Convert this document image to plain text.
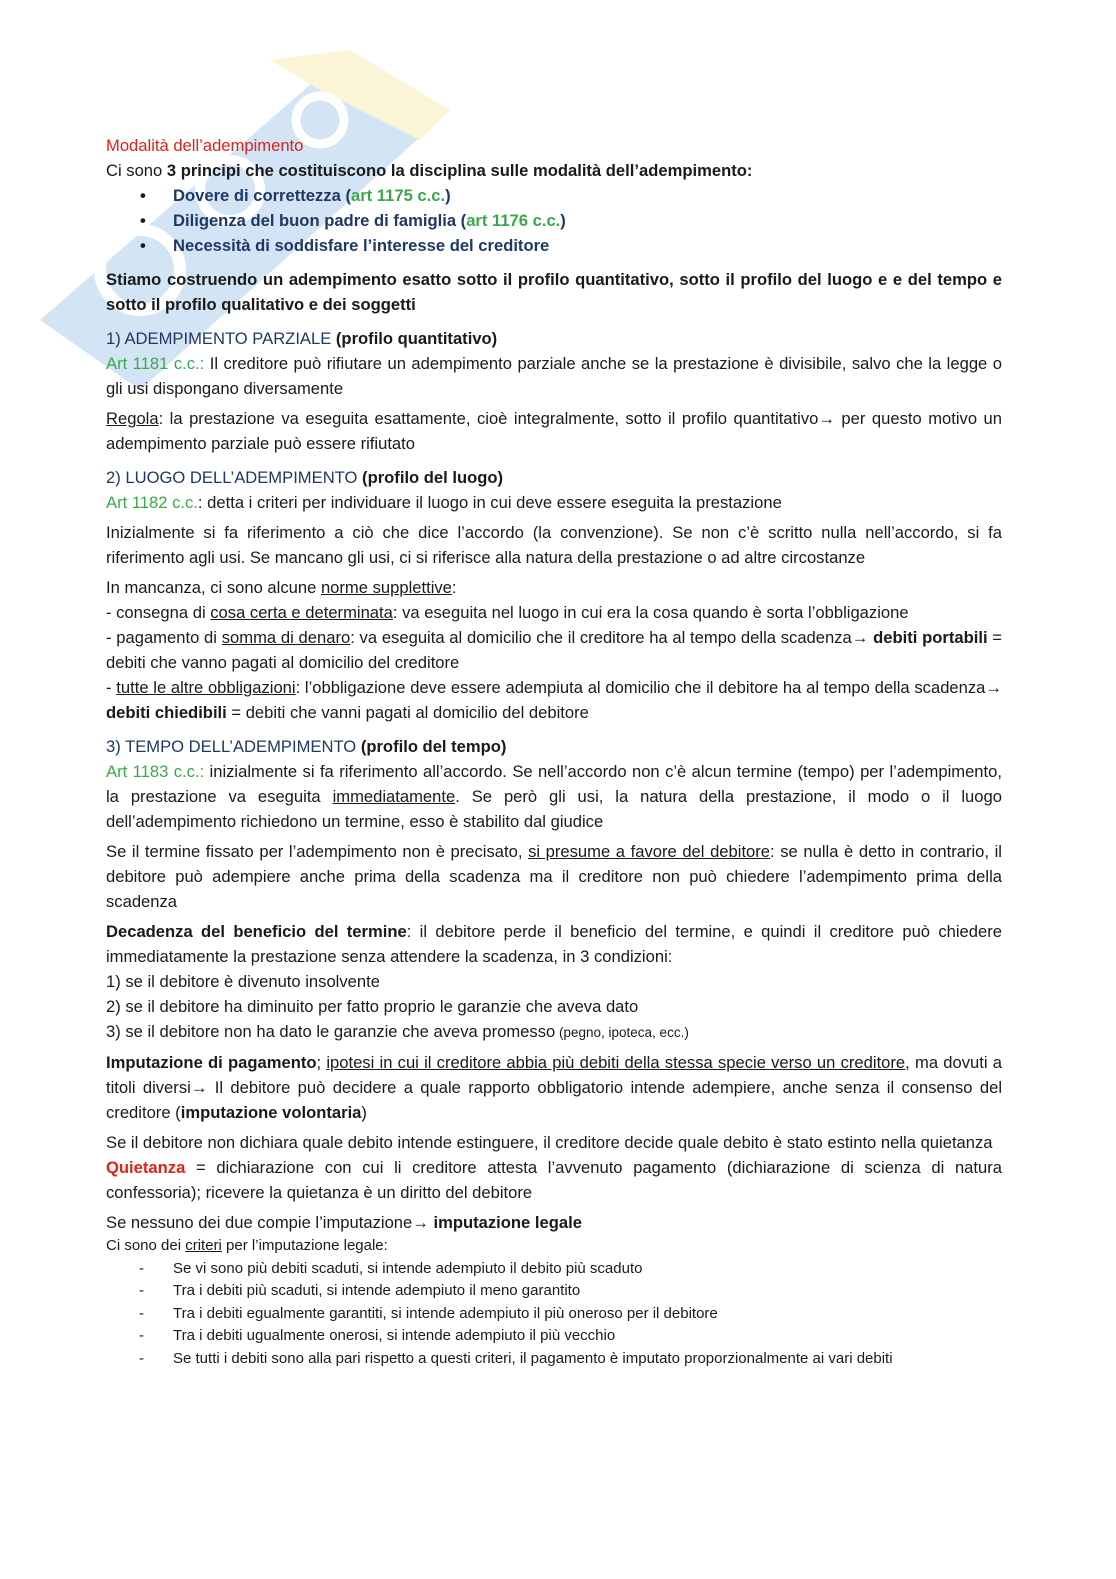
Modalità dell’adempimento

Ci sono 3 principi che costituiscono la disciplina sulle modalità dell’adempimento:

• Dovere di correttezza (art 1175 c.c.)
• Diligenza del buon padre di famiglia (art 1176 c.c.)
• Necessità di soddisfare l’interesse del creditore

Stiamo costruendo un adempimento esatto sotto il profilo quantitativo, sotto il profilo del luogo e e del tempo e sotto il profilo qualitativo e dei soggetti

1) ADEMPIMENTO PARZIALE (profilo quantitativo)

Art 1181 c.c.: Il creditore può rifiutare un adempimento parziale anche se la prestazione è divisibile, salvo che la legge o gli usi dispongano diversamente

Regola: la prestazione va eseguita esattamente, cioè integralmente, sotto il profilo quantitativo→ per questo motivo un adempimento parziale può essere rifiutato

2) LUOGO DELL’ADEMPIMENTO (profilo del luogo)

Art 1182 c.c.: detta i criteri per individuare il luogo in cui deve essere eseguita la prestazione

Inizialmente si fa riferimento a ciò che dice l’accordo (la convenzione). Se non c’è scritto nulla nell’accordo, si fa riferimento agli usi. Se mancano gli usi, ci si riferisce alla natura della prestazione o ad altre circostanze

In mancanza, ci sono alcune norme supplettive:

- consegna di cosa certa e determinata: va eseguita nel luogo in cui era la cosa quando è sorta l’obbligazione

- pagamento di somma di denaro: va eseguita al domicilio che il creditore ha al tempo della scadenza→ debiti portabili = debiti che vanno pagati al domicilio del creditore

- tutte le altre obbligazioni: l’obbligazione deve essere adempiuta al domicilio che il debitore ha al tempo della scadenza→ debiti chiedibili = debiti che vanni pagati al domicilio del debitore

3) TEMPO DELL’ADEMPIMENTO (profilo del tempo)

Art 1183 c.c.: inizialmente si fa riferimento all’accordo. Se nell’accordo non c’è alcun termine (tempo) per l’adempimento, la prestazione va eseguita immediatamente. Se però gli usi, la natura della prestazione, il modo o il luogo dell’adempimento richiedono un termine, esso è stabilito dal giudice

Se il termine fissato per l’adempimento non è precisato, si presume a favore del debitore: se nulla è detto in contrario, il debitore può adempiere anche prima della scadenza ma il creditore non può chiedere l’adempimento prima della scadenza

Decadenza del beneficio del termine: il debitore perde il beneficio del termine, e quindi il creditore può chiedere immediatamente la prestazione senza attendere la scadenza, in 3 condizioni:

1) se il debitore è divenuto insolvente

2) se il debitore ha diminuito per fatto proprio le garanzie che aveva dato

3) se il debitore non ha dato le garanzie che aveva promesso (pegno, ipoteca, ecc.)

Imputazione di pagamento; ipotesi in cui il creditore abbia più debiti della stessa specie verso un creditore, ma dovuti a titoli diversi→ Il debitore può decidere a quale rapporto obbligatorio intende adempiere, anche senza il consenso del creditore (imputazione volontaria)

Se il debitore non dichiara quale debito intende estinguere, il creditore decide quale debito è stato estinto nella quietanza

Quietanza = dichiarazione con cui li creditore attesta l’avvenuto pagamento (dichiarazione di scienza di natura confessoria); ricevere la quietanza è un diritto del debitore

Se nessuno dei due compie l’imputazione→ imputazione legale

Ci sono dei criteri per l’imputazione legale:

- Se vi sono più debiti scaduti, si intende adempiuto il debito più scaduto
- Tra i debiti più scaduti, si intende adempiuto il meno garantito
- Tra i debiti egualmente garantiti, si intende adempiuto il più oneroso per il debitore
- Tra i debiti ugualmente onerosi, si intende adempiuto il più vecchio
- Se tutti i debiti sono alla pari rispetto a questi criteri, il pagamento è imputato proporzionalmente ai vari debiti
